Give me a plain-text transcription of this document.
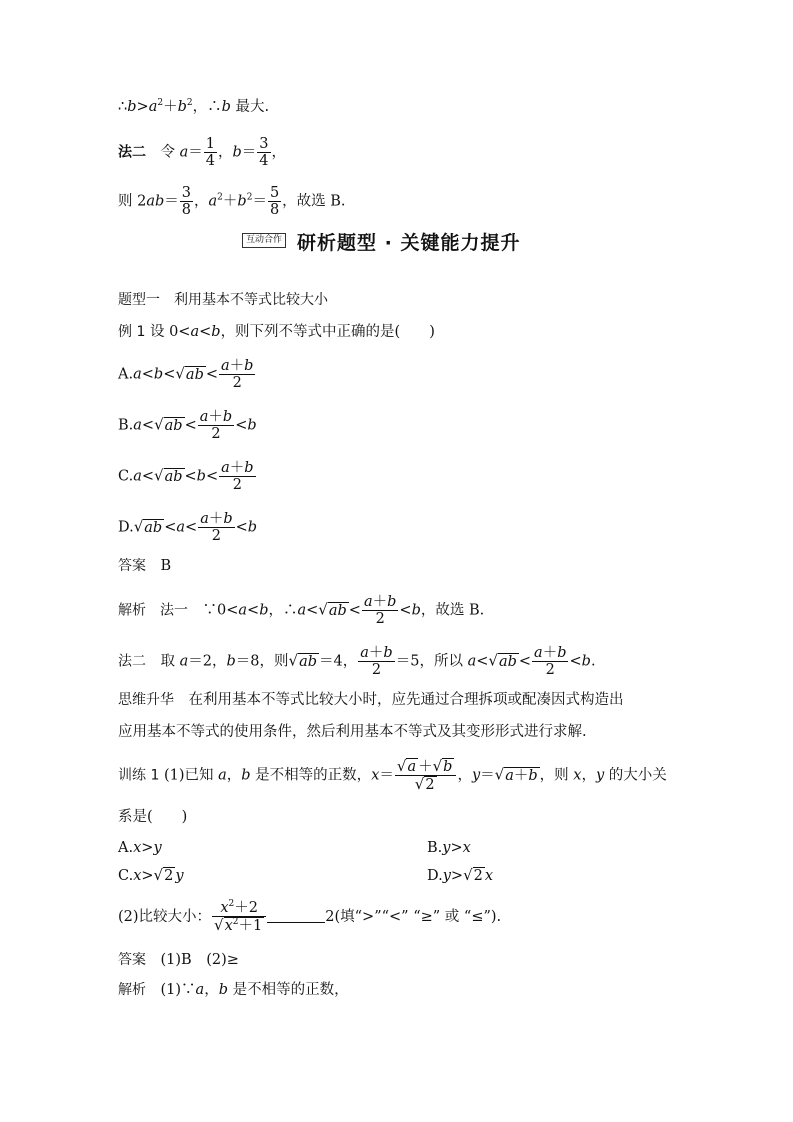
$\therefore b>a^2+b^2$，∴b 最大.
法二　令 $a= \frac{1}{4}$ ，$b= \frac{3}{4}$ ，
则 $2ab= \frac{3}{8}$ ，$a^2+b^2= \frac{5}{8}$ ，故选 B.
互动合作 研析题型 · 关键能力提升
题型一　利用基本不等式比较大小
例 1 设 0<a<b，则下列不等式中正确的是(　　)
$A.a<b<√ab < \frac{a+b}{2}$
$B.a<√ab < \frac{a+b}{2} <b$
$C.a<√ab <b< \frac{a+b}{2}$
$D.√ab <a< \frac{a+b}{2} <b$
答案　B
解析　法一　∵0<a<b，∴a<√ab < $\frac{a+b}{2} <b$，故选 B.
法二　取 a＝2，b＝8，则√ab ＝4， $\frac{a+b}{2} =5$，所以 $a<√ab < \frac{a+b}{2} <b$.
思维升华　在利用基本不等式比较大小时，应先通过合理拆项或配凑因式构造出
应用基本不等式的使用条件，然后利用基本不等式及其变形形式进行求解.
训练 1 (1)已知 a，b 是不相等的正数，$x= \frac{√a +√b}{√2}$ ，y＝√a＋b ，则 x，y 的大小关
系是(　　)
A.x>y	B.y>x
C.x>√2 y	D.y>√2 x
(2)比较大小： $\frac{x^2+2}{√x^2+1}$	2(填“>”“<” “≥” 或 “≤”).
答案　(1)B　(2)≥
解析　(1)∵a，b 是不相等的正数，
